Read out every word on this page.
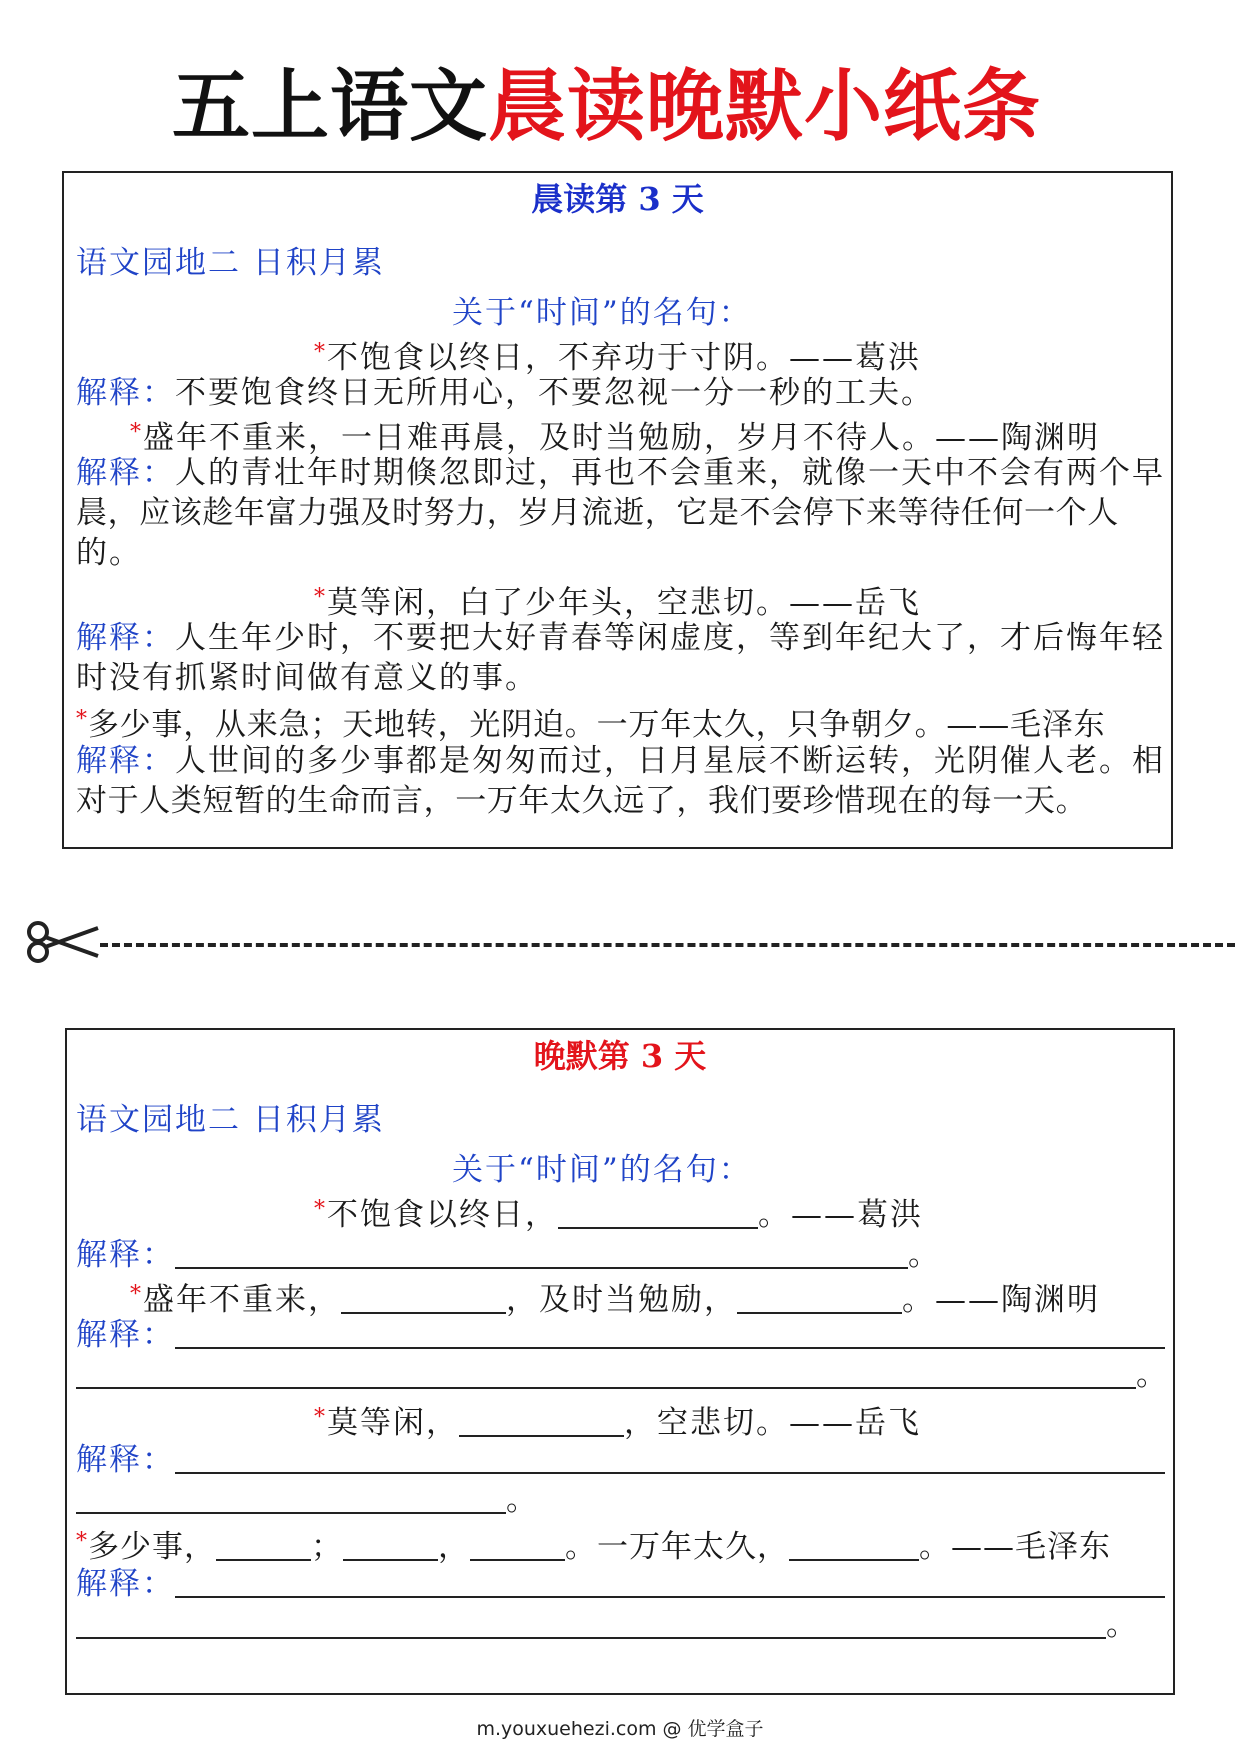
五上语文晨读晚默小纸条
晨读第 3 天
语文园地二 日积月累
关于“时间”的名句：
*不饱食以终日，不弃功于寸阴。——葛洪
解释：不要饱食终日无所用心，不要忽视一分一秒的工夫。
*盛年不重来，一日难再晨，及时当勉励，岁月不待人。——陶渊明
解释：人的青壮年时期倏忽即过，再也不会重来，就像一天中不会有两个早
晨，应该趁年富力强及时努力，岁月流逝，它是不会停下来等待任何一个人
的。
*莫等闲，白了少年头，空悲切。——岳飞
解释：人生年少时，不要把大好青春等闲虚度，等到年纪大了，才后悔年轻
时没有抓紧时间做有意义的事。
*多少事，从来急；天地转，光阴迫。一万年太久，只争朝夕。——毛泽东
解释：人世间的多少事都是匆匆而过，日月星辰不断运转，光阴催人老。相
对于人类短暂的生命而言，一万年太久远了，我们要珍惜现在的每一天。
晚默第 3 天
语文园地二 日积月累
关于“时间”的名句：
*不饱食以终日，	。——葛洪
解释：	。
*盛年不重来，	，及时当勉励，	。——陶渊明
解释：
。
*莫等闲，	，空悲切。——岳飞
解释：
。
*多少事，	；	，	。一万年太久，	。——毛泽东
解释：
。
m.youxuehezi.com @ 优学盒子
